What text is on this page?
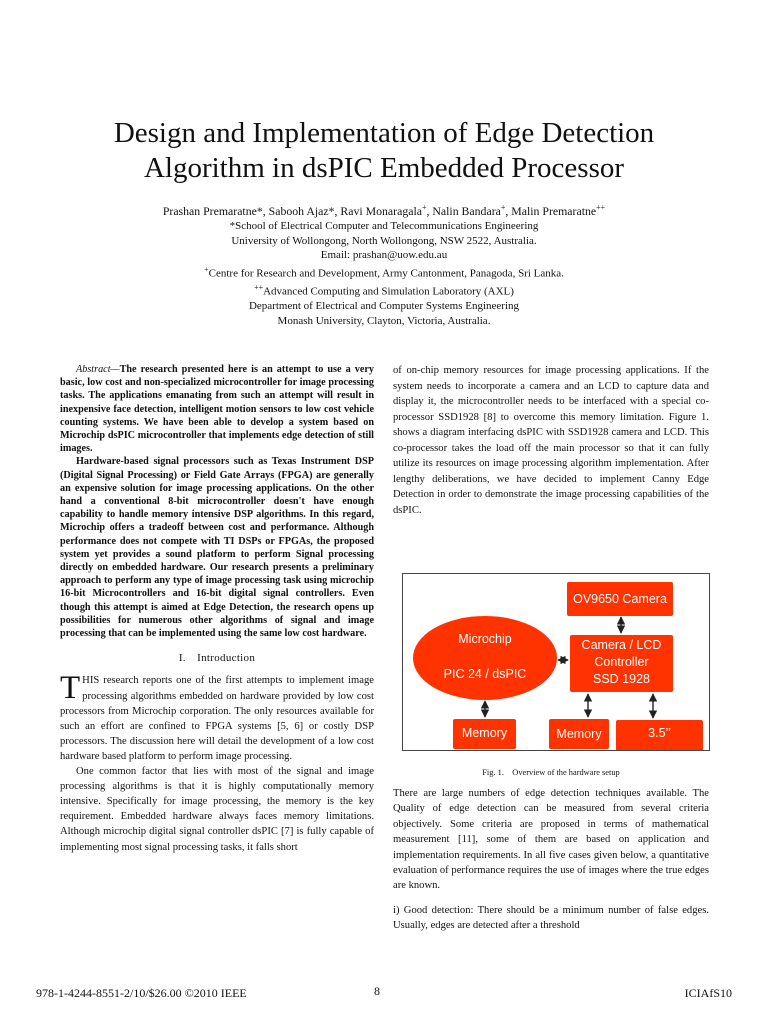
Design and Implementation of Edge Detection
Algorithm in dsPIC Embedded Processor
Prashan Premaratne*, Sabooh Ajaz*, Ravi Monaragala+, Nalin Bandara+, Malin Premaratne++
*School of Electrical Computer and Telecommunications Engineering
University of Wollongong, North Wollongong, NSW 2522, Australia.
Email: prashan@uow.edu.au
+Centre for Research and Development, Army Cantonment, Panagoda, Sri Lanka.
++Advanced Computing and Simulation Laboratory (AXL)
Department of Electrical and Computer Systems Engineering
Monash University, Clayton, Victoria, Australia.

Abstract—The research presented here is an attempt to use a very basic, low cost and non-specialized microcontroller for image processing tasks. The applications emanating from such an attempt will result in inexpensive face detection, intelligent motion sensors to low cost vehicle counting systems. We have been able to develop a system based on Microchip dsPIC microcontroller that implements edge detection of still images.

Hardware-based signal processors such as Texas Instrument DSP (Digital Signal Processing) or Field Gate Arrays (FPGA) are generally an expensive solution for image processing applications. On the other hand a conventional 8-bit microcontroller doesn't have enough capability to handle memory intensive DSP algorithms. In this regard, Microchip offers a tradeoff between cost and performance. Although performance does not compete with TI DSPs or FPGAs, the proposed system yet provides a sound platform to perform Signal processing directly on embedded hardware. Our research presents a preliminary approach to perform any type of image processing task using microchip 16-bit Microcontrollers and 16-bit digital signal controllers. Even though this attempt is aimed at Edge Detection, the research opens up possibilities for numerous other algorithms of signal and image processing that can be implemented using the same low cost hardware.

I. Introduction

THIS research reports one of the first attempts to implement image processing algorithms embedded on hardware provided by low cost processors from Microchip corporation. The only resources available for such an effort are confined to FPGA systems [5, 6] or costly DSP processors. The discussion here will detail the development of a low cost hardware based platform to perform image processing.

One common factor that lies with most of the signal and image processing algorithms is that it is highly computationally memory intensive. Specifically for image processing, the memory is the key requirement. Embedded hardware always faces memory limitations. Although microchip digital signal controller dsPIC [7] is fully capable of implementing most signal processing tasks, it falls short

of on-chip memory resources for image processing applications. If the system needs to incorporate a camera and an LCD to capture data and display it, the microcontroller needs to be interfaced with a special co-processor SSD1928 [8] to overcome this memory limitation. Figure 1. shows a diagram interfacing dsPIC with SSD1928 camera and LCD. This co-processor takes the load off the main processor so that it can fully utilize its resources on image processing algorithm implementation. After lengthy deliberations, we have decided to implement Canny Edge Detection in order to demonstrate the image processing capabilities of the dsPIC.

OV9650 Camera
Microchip
PIC 24 / dsPIC
Camera / LCD
Controller
SSD 1928
Memory	Memory	3.5’’
Fig. 1. Overview of the hardware setup

There are large numbers of edge detection techniques available. The Quality of edge detection can be measured from several criteria objectively. Some criteria are proposed in terms of mathematical measurement [11], some of them are based on application and implementation requirements. In all five cases given below, a quantitative evaluation of performance requires the use of images where the true edges are known.

i) Good detection: There should be a minimum number of false edges. Usually, edges are detected after a threshold

978-1-4244-8551-2/10/$26.00 ©2010 IEEE	8	ICIAfS10
